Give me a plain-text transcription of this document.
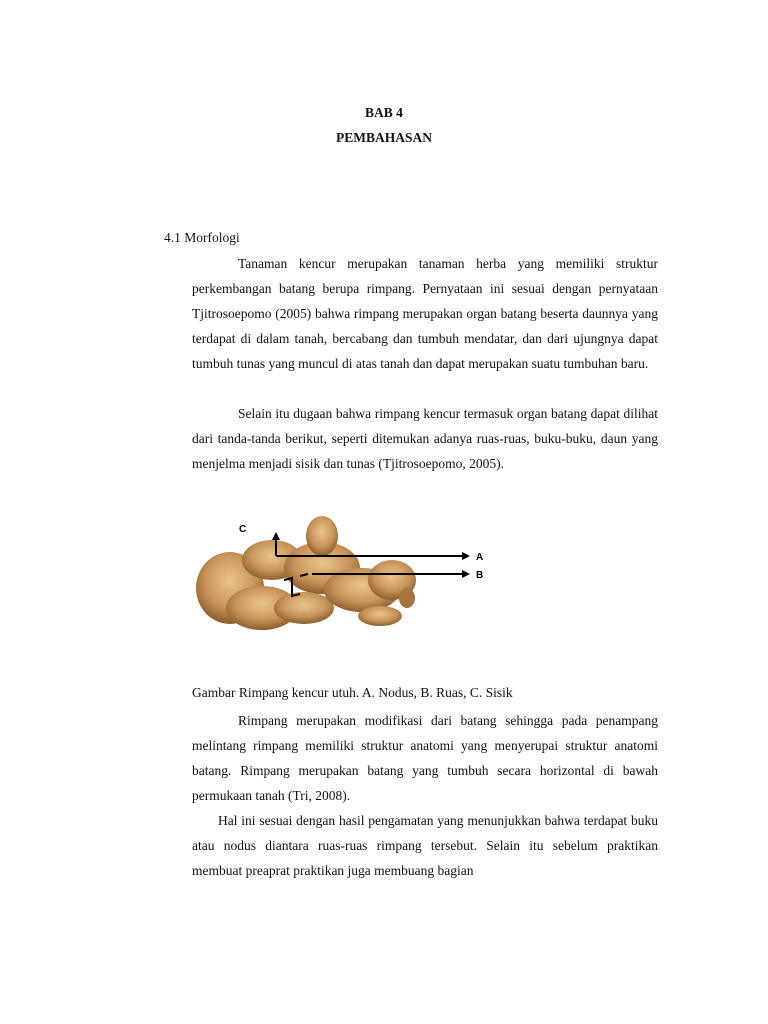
BAB 4
PEMBAHASAN
4.1 Morfologi
Tanaman kencur merupakan tanaman herba yang memiliki struktur perkembangan batang berupa rimpang. Pernyataan ini sesuai dengan pernyataan Tjitrosoepomo (2005) bahwa rimpang merupakan organ batang beserta daunnya yang terdapat di dalam tanah, bercabang dan tumbuh mendatar, dan dari ujungnya dapat tumbuh tunas yang muncul di atas tanah dan dapat merupakan suatu tumbuhan baru.
Selain itu dugaan bahwa rimpang kencur termasuk organ batang dapat dilihat dari tanda-tanda berikut, seperti ditemukan adanya ruas-ruas, buku-buku, daun yang menjelma menjadi sisik dan tunas (Tjitrosoepomo, 2005).
C
A
B
Gambar Rimpang kencur utuh. A. Nodus, B. Ruas, C. Sisik
Rimpang merupakan modifikasi dari batang sehingga pada penampang melintang rimpang memiliki struktur anatomi yang menyerupai struktur anatomi batang. Rimpang merupakan batang yang tumbuh secara horizontal di bawah permukaan tanah (Tri, 2008).
Hal ini sesuai dengan hasil pengamatan yang menunjukkan bahwa terdapat buku atau nodus diantara ruas-ruas rimpang tersebut. Selain itu sebelum praktikan membuat preaprat praktikan juga membuang bagian
